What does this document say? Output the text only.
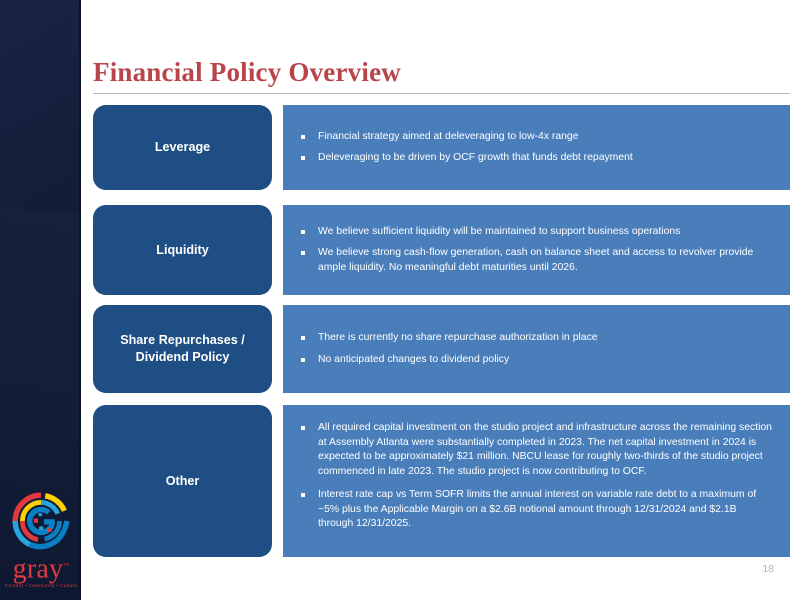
gray™
Content • Community • Culture
Financial Policy Overview
Leverage
Financial strategy aimed at deleveraging to low-4x range
Deleveraging to be driven by OCF growth that funds debt repayment
Liquidity
We believe sufficient liquidity will be maintained to support business operations
We believe strong cash-flow generation, cash on balance sheet and access to revolver provide ample liquidity. No meaningful debt maturities until 2026.
Share Repurchases / Dividend Policy
There is currently no share repurchase authorization in place
No anticipated changes to dividend policy
Other
All required capital investment on the studio project and infrastructure across the remaining section at Assembly Atlanta were substantially completed in 2023. The net capital investment in 2024 is expected to be approximately $21 million. NBCU lease for roughly two-thirds of the studio project commenced in late 2023. The studio project is now contributing to OCF.
Interest rate cap vs Term SOFR limits the annual interest on variable rate debt to a maximum of ~5% plus the Applicable Margin on a $2.6B notional amount through 12/31/2024 and $2.1B through 12/31/2025.
18
